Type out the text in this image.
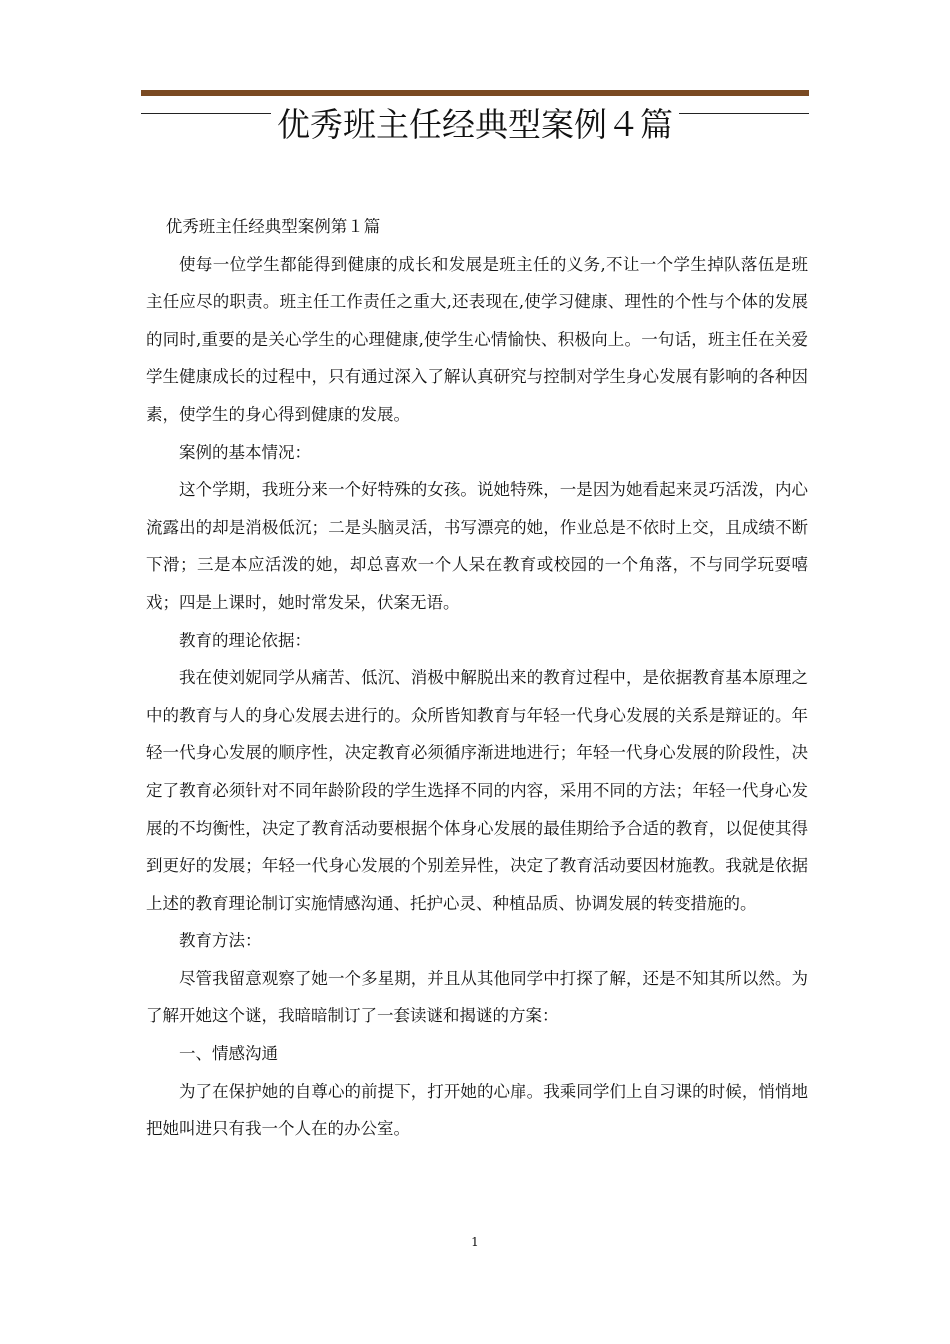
优秀班主任经典型案例４篇

优秀班主任经典型案例第１篇

使每一位学生都能得到健康的成长和发展是班主任的义务,不让一个学生掉队落伍是班主任应尽的职责。班主任工作责任之重大,还表现在,使学习健康、理性的个性与个体的发展的同时,重要的是关心学生的心理健康,使学生心情愉快、积极向上。一句话，班主任在关爱学生健康成长的过程中，只有通过深入了解认真研究与控制对学生身心发展有影响的各种因素，使学生的身心得到健康的发展。

案例的基本情况：

这个学期，我班分来一个好特殊的女孩。说她特殊，一是因为她看起来灵巧活泼，内心流露出的却是消极低沉；二是头脑灵活，书写漂亮的她，作业总是不依时上交，且成绩不断下滑；三是本应活泼的她，却总喜欢一个人呆在教育或校园的一个角落，不与同学玩耍嘻戏；四是上课时，她时常发呆，伏案无语。

教育的理论依据：

我在使刘妮同学从痛苦、低沉、消极中解脱出来的教育过程中，是依据教育基本原理之中的教育与人的身心发展去进行的。众所皆知教育与年轻一代身心发展的关系是辩证的。年轻一代身心发展的顺序性，决定教育必须循序渐进地进行；年轻一代身心发展的阶段性，决定了教育必须针对不同年龄阶段的学生选择不同的内容，采用不同的方法；年轻一代身心发展的不均衡性，决定了教育活动要根据个体身心发展的最佳期给予合适的教育，以促使其得到更好的发展；年轻一代身心发展的个别差异性，决定了教育活动要因材施教。我就是依据上述的教育理论制订实施情感沟通、托护心灵、种植品质、协调发展的转变措施的。

教育方法：

尽管我留意观察了她一个多星期，并且从其他同学中打探了解，还是不知其所以然。为了解开她这个谜，我暗暗制订了一套读谜和揭谜的方案：

一、情感沟通

为了在保护她的自尊心的前提下，打开她的心扉。我乘同学们上自习课的时候，悄悄地把她叫进只有我一个人在的办公室。

1
